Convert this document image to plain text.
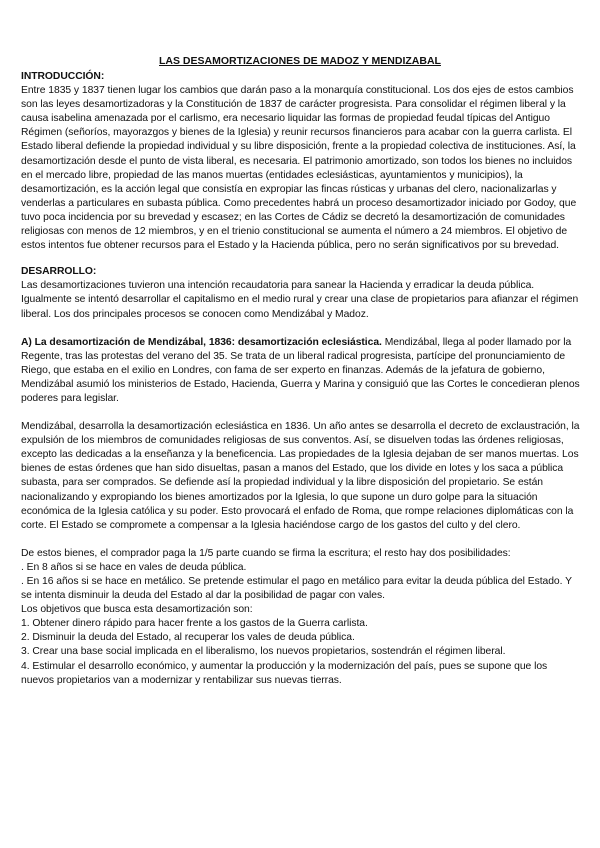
LAS DESAMORTIZACIONES DE MADOZ Y MENDIZABAL

INTRODUCCIÓN:

Entre 1835 y 1837 tienen lugar los cambios que darán paso a la monarquía constitucional. Los dos ejes de estos cambios son las leyes desamortizadoras y la Constitución de 1837 de carácter progresista. Para consolidar el régimen liberal y la causa isabelina amenazada por el carlismo, era necesario liquidar las formas de propiedad feudal típicas del Antiguo Régimen (señoríos, mayorazgos y bienes de la Iglesia) y reunir recursos financieros para acabar con la guerra carlista. El Estado liberal defiende la propiedad individual y su libre disposición, frente a la propiedad colectiva de instituciones. Así, la desamortización desde el punto de vista liberal, es necesaria. El patrimonio amortizado, son todos los bienes no incluidos en el mercado libre, propiedad de las manos muertas (entidades eclesiásticas, ayuntamientos y municipios), la desamortización, es la acción legal que consistía en expropiar las fincas rústicas y urbanas del clero, nacionalizarlas y venderlas a particulares en subasta pública. Como precedentes habrá un proceso desamortizador iniciado por Godoy, que tuvo poca incidencia por su brevedad y escasez; en las Cortes de Cádiz se decretó la desamortización de comunidades religiosas con menos de 12 miembros, y en el trienio constitucional se aumenta el número a 24 miembros. El objetivo de estos intentos fue obtener recursos para el Estado y la Hacienda pública, pero no serán significativos por su brevedad.

DESARROLLO:

Las desamortizaciones tuvieron una intención recaudatoria para sanear la Hacienda y erradicar la deuda pública. Igualmente se intentó desarrollar el capitalismo en el medio rural y crear una clase de propietarios para afianzar el régimen liberal. Los dos principales procesos se conocen como Mendizábal y Madoz.

A) La desamortización de Mendizábal, 1836: desamortización eclesiástica. Mendizábal, llega al poder llamado por la Regente, tras las protestas del verano del 35. Se trata de un liberal radical progresista, partícipe del pronunciamiento de Riego, que estaba en el exilio en Londres, con fama de ser experto en finanzas. Además de la jefatura de gobierno, Mendizábal asumió los ministerios de Estado, Hacienda, Guerra y Marina y consiguió que las Cortes le concedieran plenos poderes para legislar.

Mendizábal, desarrolla la desamortización eclesiástica en 1836. Un año antes se desarrolla el decreto de exclaustración, la expulsión de los miembros de comunidades religiosas de sus conventos. Así, se disuelven todas las órdenes religiosas, excepto las dedicadas a la enseñanza y la beneficencia. Las propiedades de la Iglesia dejaban de ser manos muertas. Los bienes de estas órdenes que han sido disueltas, pasan a manos del Estado, que los divide en lotes y los saca a pública subasta, para ser comprados. Se defiende así la propiedad individual y la libre disposición del propietario. Se están nacionalizando y expropiando los bienes amortizados por la Iglesia, lo que supone un duro golpe para la situación económica de la Iglesia católica y su poder. Esto provocará el enfado de Roma, que rompe relaciones diplomáticas con la corte. El Estado se compromete a compensar a la Iglesia haciéndose cargo de los gastos del culto y del clero.

De estos bienes, el comprador paga la 1/5 parte cuando se firma la escritura; el resto hay dos posibilidades:

. En 8 años si se hace en vales de deuda pública.

. En 16 años si se hace en metálico. Se pretende estimular el pago en metálico para evitar la deuda pública del Estado. Y se intenta disminuir la deuda del Estado al dar la posibilidad de pagar con vales.

Los objetivos que busca esta desamortización son:

1. Obtener dinero rápido para hacer frente a los gastos de la Guerra carlista.

2. Disminuir la deuda del Estado, al recuperar los vales de deuda pública.

3. Crear una base social implicada en el liberalismo, los nuevos propietarios, sostendrán el régimen liberal.

4. Estimular el desarrollo económico, y aumentar la producción y la modernización del país, pues se supone que los nuevos propietarios van a modernizar y rentabilizar sus nuevas tierras.
